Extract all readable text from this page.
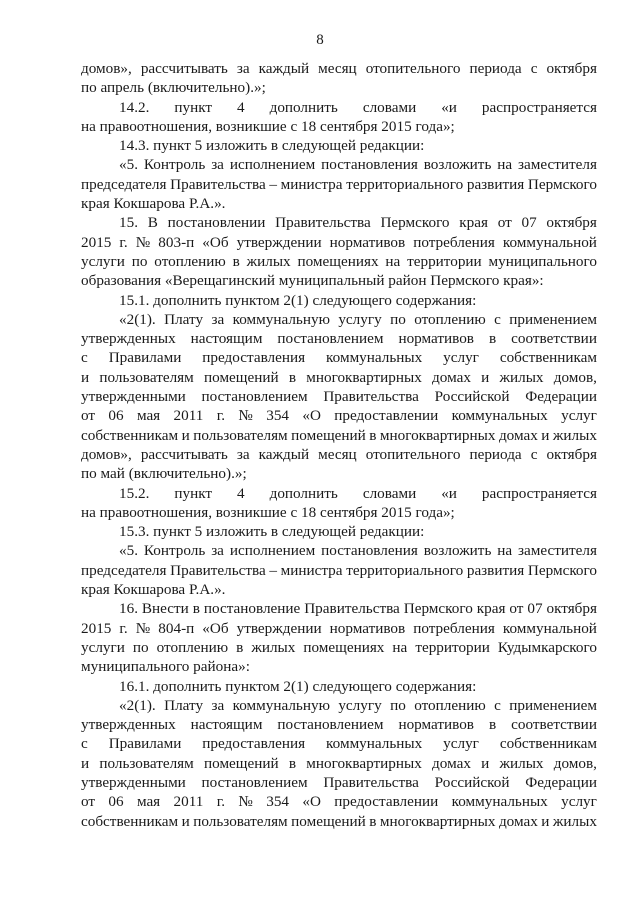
8
домов», рассчитывать за каждый месяц отопительного периода с октября
по апрель (включительно).»;
14.2. пункт 4 дополнить словами «и распространяется
на правоотношения, возникшие с 18 сентября 2015 года»;
14.3. пункт 5 изложить в следующей редакции:
«5. Контроль за исполнением постановления возложить на заместителя
председателя Правительства – министра территориального развития Пермского
края Кокшарова Р.А.».
15. В постановлении Правительства Пермского края от 07 октября
2015 г. № 803-п «Об утверждении нормативов потребления коммунальной
услуги по отоплению в жилых помещениях на территории муниципального
образования «Верещагинский муниципальный район Пермского края»:
15.1. дополнить пунктом 2(1) следующего содержания:
«2(1). Плату за коммунальную услугу по отоплению с применением
утвержденных настоящим постановлением нормативов в соответствии
с Правилами предоставления коммунальных услуг собственникам
и пользователям помещений в многоквартирных домах и жилых домов,
утвержденными постановлением Правительства Российской Федерации
от 06 мая 2011 г. № 354 «О предоставлении коммунальных услуг
собственникам и пользователям помещений в многоквартирных домах и жилых
домов», рассчитывать за каждый месяц отопительного периода с октября
по май (включительно).»;
15.2. пункт 4 дополнить словами «и распространяется
на правоотношения, возникшие с 18 сентября 2015 года»;
15.3. пункт 5 изложить в следующей редакции:
«5. Контроль за исполнением постановления возложить на заместителя
председателя Правительства – министра территориального развития Пермского
края Кокшарова Р.А.».
16. Внести в постановление Правительства Пермского края от 07 октября
2015 г. № 804-п «Об утверждении нормативов потребления коммунальной
услуги по отоплению в жилых помещениях на территории Кудымкарского
муниципального района»:
16.1. дополнить пунктом 2(1) следующего содержания:
«2(1). Плату за коммунальную услугу по отоплению с применением
утвержденных настоящим постановлением нормативов в соответствии
с Правилами предоставления коммунальных услуг собственникам
и пользователям помещений в многоквартирных домах и жилых домов,
утвержденными постановлением Правительства Российской Федерации
от 06 мая 2011 г. № 354 «О предоставлении коммунальных услуг
собственникам и пользователям помещений в многоквартирных домах и жилых
